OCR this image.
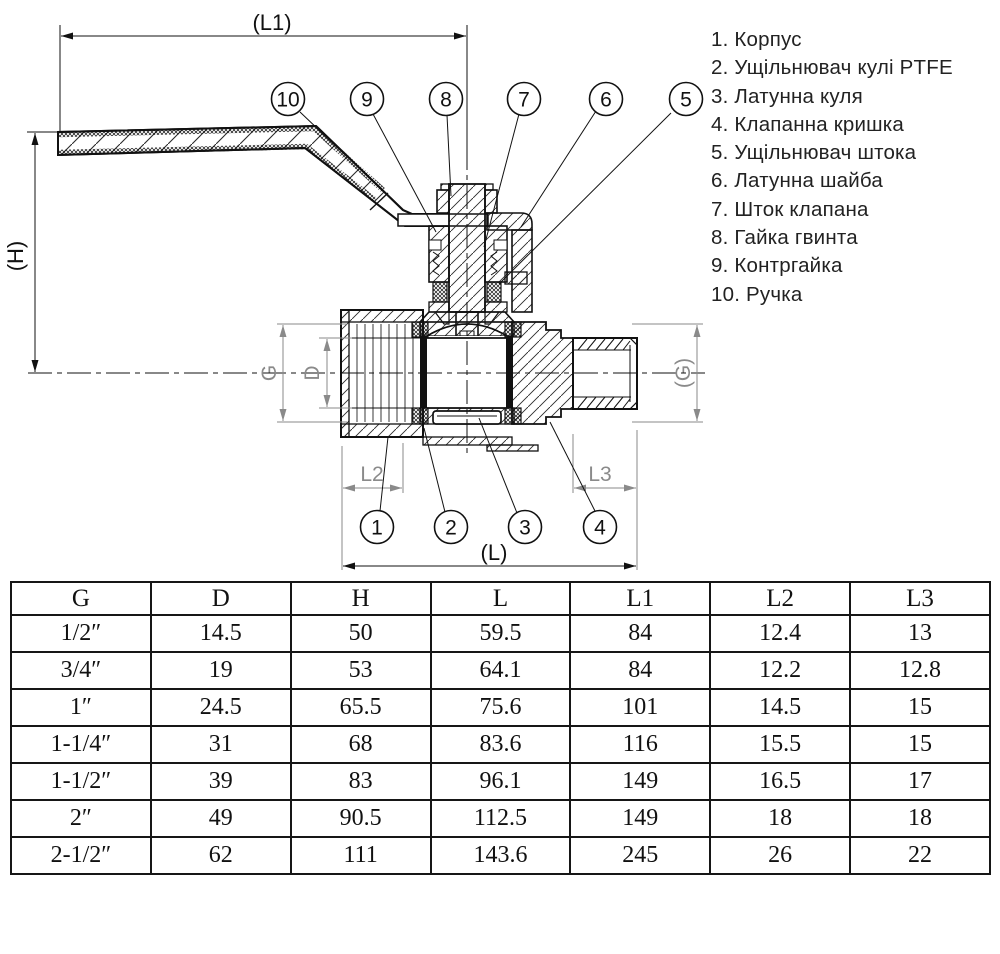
G D	(G)
L2	L3
(L1)
(H)
(L)
10	9	8	7	6	5
1	2	3	4
1. Корпус
2. Ущільнювач кулі PTFE
3. Латунна куля
4. Клапанна кришка
5. Ущільнювач штока
6. Латунна шайба
7. Шток клапана
8. Гайка гвинта
9. Контргайка
10. Ручка
G	D	H	L	L1	L2	L3
1/2″	14.5	50	59.5	84	12.4	13
3/4″	19	53	64.1	84	12.2	12.8
1″	24.5	65.5	75.6	101	14.5	15
1-1/4″	31	68	83.6	116	15.5	15
1-1/2″	39	83	96.1	149	16.5	17
2″	49	90.5	112.5	149	18	18
2-1/2″	62	111	143.6	245	26	22
